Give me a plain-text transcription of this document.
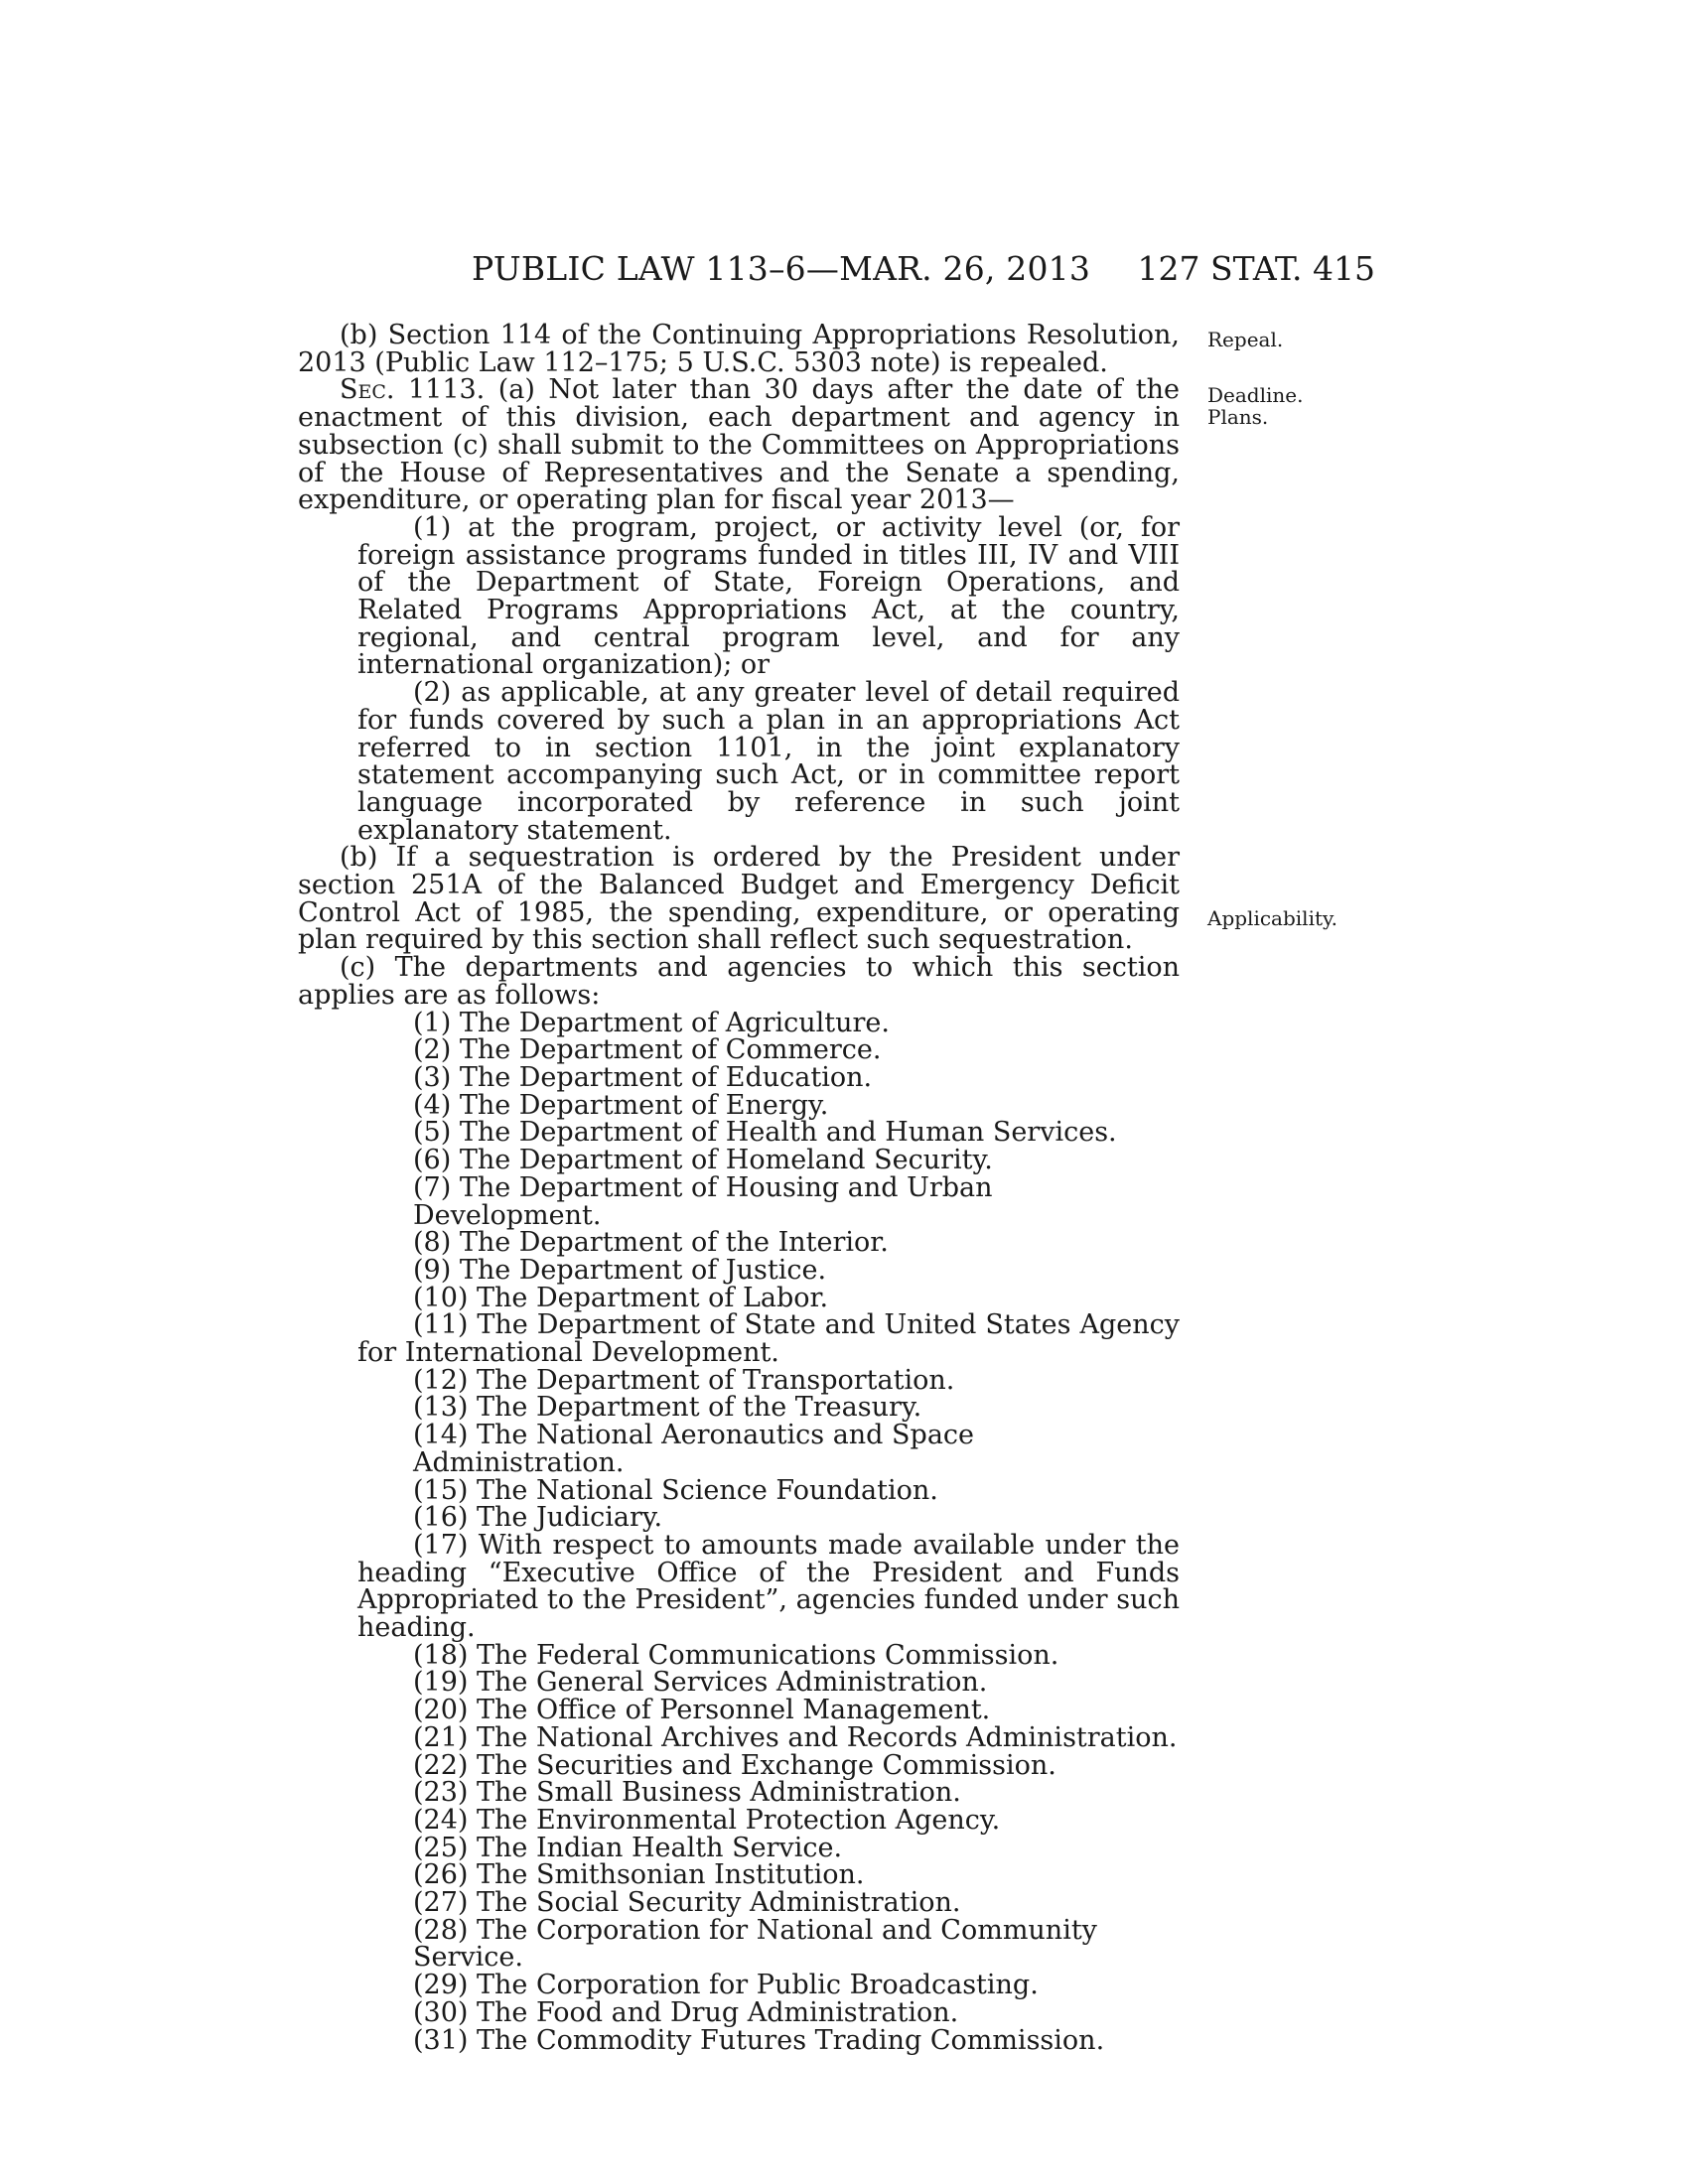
PUBLIC LAW 113–6—MAR. 26, 2013 127 STAT. 415
Repeal.
Deadline.
Plans.
Applicability.

(b) Section 114 of the Continuing Appropriations Resolution, 2013 (Public Law 112–175; 5 U.S.C. 5303 note) is repealed.

Sec. 1113. (a) Not later than 30 days after the date of the enactment of this division, each department and agency in subsection (c) shall submit to the Committees on Appropriations of the House of Representatives and the Senate a spending, expenditure, or operating plan for fiscal year 2013—

(1) at the program, project, or activity level (or, for foreign assistance programs funded in titles III, IV and VIII of the Department of State, Foreign Operations, and Related Programs Appropriations Act, at the country, regional, and central program level, and for any international organization); or

(2) as applicable, at any greater level of detail required for funds covered by such a plan in an appropriations Act referred to in section 1101, in the joint explanatory statement accompanying such Act, or in committee report language incorporated by reference in such joint explanatory statement.

(b) If a sequestration is ordered by the President under section 251A of the Balanced Budget and Emergency Deficit Control Act of 1985, the spending, expenditure, or operating plan required by this section shall reflect such sequestration.

(c) The departments and agencies to which this section applies are as follows:

(1) The Department of Agriculture.

(2) The Department of Commerce.

(3) The Department of Education.

(4) The Department of Energy.

(5) The Department of Health and Human Services.

(6) The Department of Homeland Security.

(7) The Department of Housing and Urban Development.

(8) The Department of the Interior.

(9) The Department of Justice.

(10) The Department of Labor.

(11) The Department of State and United States Agency for International Development.

(12) The Department of Transportation.

(13) The Department of the Treasury.

(14) The National Aeronautics and Space Administration.

(15) The National Science Foundation.

(16) The Judiciary.

(17) With respect to amounts made available under the heading “Executive Office of the President and Funds Appropriated to the President”, agencies funded under such heading.

(18) The Federal Communications Commission.

(19) The General Services Administration.

(20) The Office of Personnel Management.

(21) The National Archives and Records Administration.

(22) The Securities and Exchange Commission.

(23) The Small Business Administration.

(24) The Environmental Protection Agency.

(25) The Indian Health Service.

(26) The Smithsonian Institution.

(27) The Social Security Administration.

(28) The Corporation for National and Community Service.

(29) The Corporation for Public Broadcasting.

(30) The Food and Drug Administration.

(31) The Commodity Futures Trading Commission.
